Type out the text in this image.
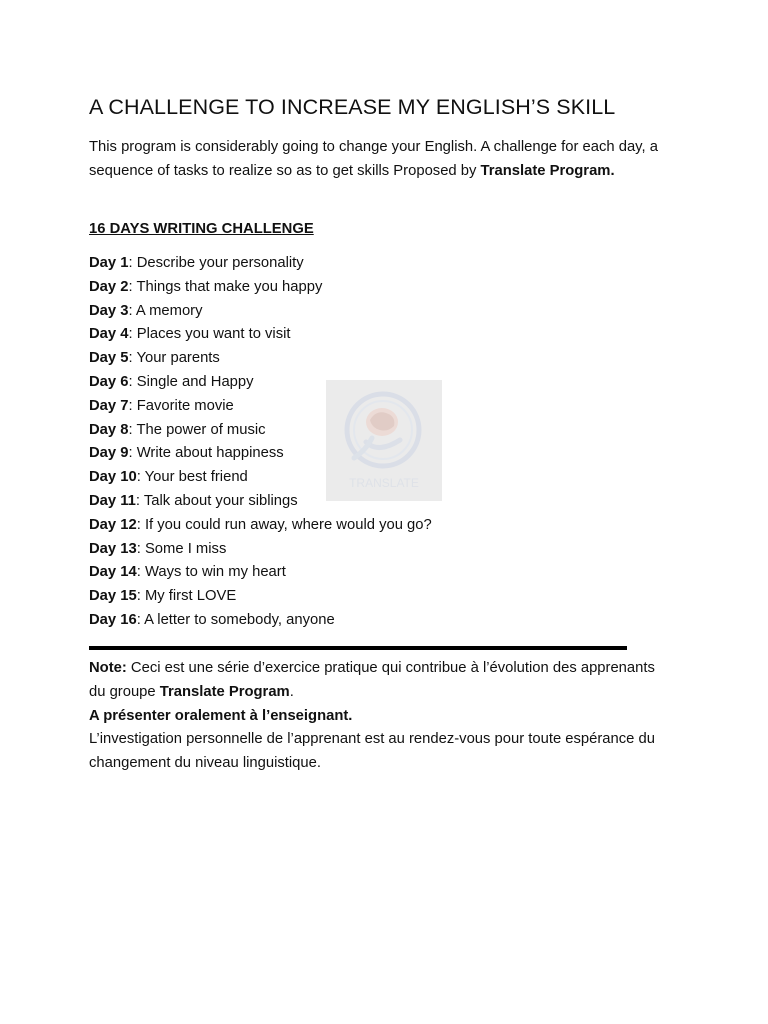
A CHALLENGE TO INCREASE MY ENGLISH’S SKILL

This program is considerably going to change your English. A challenge for each day, a sequence of tasks to realize so as to get skills Proposed by Translate Program.

16 DAYS WRITING CHALLENGE
Day 1: Describe your personality
Day 2: Things that make you happy
Day 3: A memory
Day 4: Places you want to visit
Day 5: Your parents
Day 6: Single and Happy
Day 7: Favorite movie
Day 8: The power of music
Day 9: Write about happiness
Day 10: Your best friend
Day 11: Talk about your siblings
Day 12: If you could run away, where would you go?
Day 13: Some I miss
Day 14: Ways to win my heart
Day 15: My first LOVE
Day 16: A letter to somebody, anyone

Note: Ceci est une série d’exercice pratique qui contribue à l’évolution des apprenants du groupe Translate Program.

A présenter oralement à l’enseignant.

L’investigation personnelle de l’apprenant est au rendez-vous pour toute espérance du changement du niveau linguistique.

TRANSLATE
